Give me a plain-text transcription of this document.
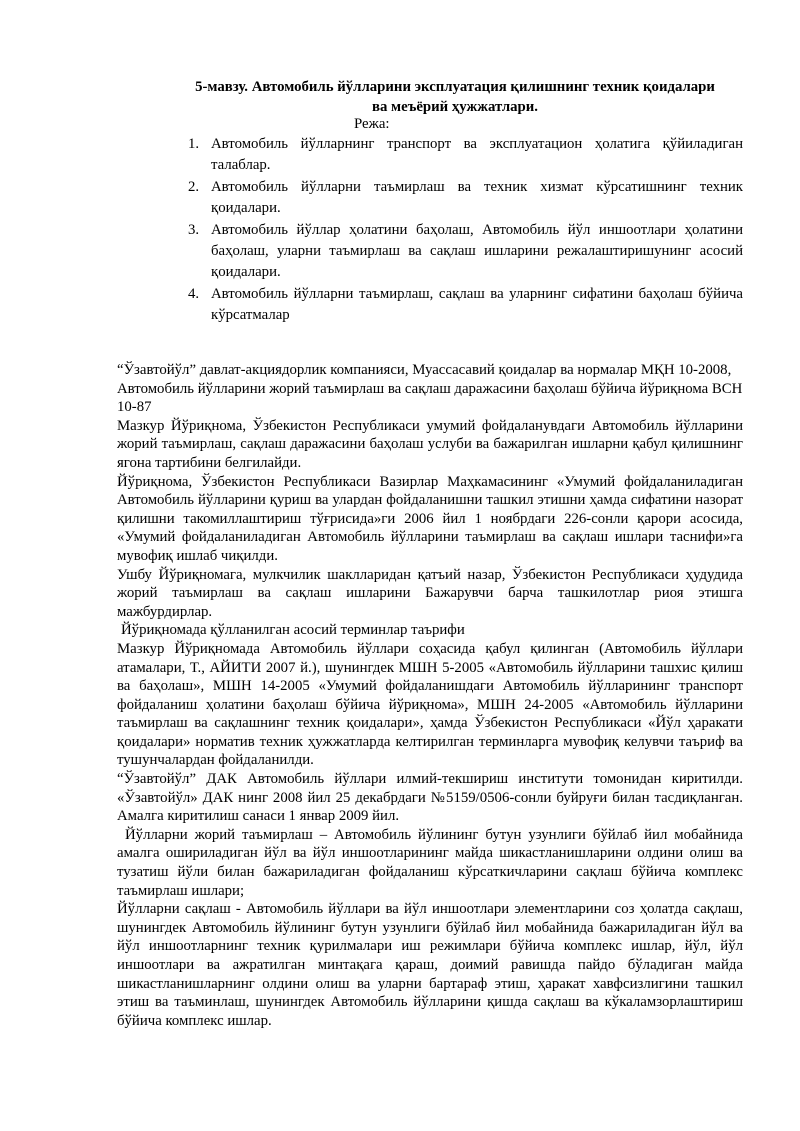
5-мавзу. Автомобиль йўлларини эксплуатация қилишнинг техник қоидалари
ва меъёрий ҳужжатлари.
Режа:
1. Автомобиль йўлларнинг транспорт ва эксплуатацион ҳолатига қўйиладиган талаблар.
2. Автомобиль йўлларни таъмирлаш ва техник хизмат кўрсатишнинг техник қоидалари.
3. Автомобиль йўллар ҳолатини баҳолаш, Автомобиль йўл иншоотлари ҳолатини баҳолаш, уларни таъмирлаш ва сақлаш ишларини режалаштиришунинг асосий қоидалари.
4. Автомобиль йўлларни таъмирлаш, сақлаш ва уларнинг сифатини баҳолаш бўйича кўрсатмалар

“Ўзавтойўл” давлат-акциядорлик компанияси, Муассасавий қоидалар ва нормалар МҚН 10-2008, Автомобиль йўлларини жорий таъмирлаш ва сақлаш даражасини баҳолаш бўйича йўриқнома ВСН 10-87

Мазкур Йўриқнома, Ўзбекистон Республикаси умумий фойдаланувдаги Автомобиль йўлларини жорий таъмирлаш, сақлаш даражасини баҳолаш услуби ва бажарилган ишларни қабул қилишнинг ягона тартибини белгилайди.

Йўриқнома, Ўзбекистон Республикаси Вазирлар Маҳкамасининг «Умумий фойдаланиладиган Автомобиль йўлларини қуриш ва улардан фойдаланишни ташкил этишни ҳамда сифатини назорат қилишни такомиллаштириш тўғрисида»ги 2006 йил 1 ноябрдаги 226-сонли қарори асосида, «Умумий фойдаланиладиган Автомобиль йўлларини таъмирлаш ва сақлаш ишлари таснифи»га мувофиқ ишлаб чиқилди.

Ушбу Йўриқномага, мулкчилик шаклларидан қатъий назар, Ўзбекистон Республикаси ҳудудида жорий таъмирлаш ва сақлаш ишларини Бажарувчи барча ташкилотлар риоя этишга мажбурдирлар.

Йўриқномада қўлланилган асосий терминлар таърифи

Мазкур Йўриқномада Автомобиль йўллари соҳасида қабул қилинган (Автомобиль йўллари атамалари, Т., АЙИТИ 2007 й.), шунингдек МШН 5-2005 «Автомобиль йўлларини ташхис қилиш ва баҳолаш», МШН 14-2005 «Умумий фойдаланишдаги Автомобиль йўлларининг транспорт фойдаланиш ҳолатини баҳолаш бўйича йўриқнома», МШН 24-2005 «Автомобиль йўлларини таъмирлаш ва сақлашнинг техник қоидалари», ҳамда Ўзбекистон Республикаси «Йўл ҳаракати қоидалари» норматив техник ҳужжатларда келтирилган терминларга мувофиқ келувчи таъриф ва тушунчалардан фойдаланилди.

“Ўзавтойўл” ДАК Автомобиль йўллари илмий-текшириш институти томонидан киритилди. «Ўзавтойўл» ДАК нинг 2008 йил 25 декабрдаги №5159/0506-сонли буйруғи билан тасдиқланган. Амалга киритилиш санаси 1 январ 2009 йил.

Йўлларни жорий таъмирлаш – Автомобиль йўлининг бутун узунлиги бўйлаб йил мобайнида амалга ошириладиган йўл ва йўл иншоотларининг майда шикастланишларини олдини олиш ва тузатиш йўли билан бажариладиган фойдаланиш кўрсаткичларини сақлаш бўйича комплекс таъмирлаш ишлари;

Йўлларни сақлаш - Автомобиль йўллари ва йўл иншоотлари элементларини соз ҳолатда сақлаш, шунингдек Автомобиль йўлининг бутун узунлиги бўйлаб йил мобайнида бажариладиган йўл ва йўл иншоотларнинг техник қурилмалари иш режимлари бўйича комплекс ишлар, йўл, йўл иншоотлари ва ажратилган минтақага қараш, доимий равишда пайдо бўладиган майда шикастланишларнинг олдини олиш ва уларни бартараф этиш, ҳаракат хавфсизлигини ташкил этиш ва таъминлаш, шунингдек Автомобиль йўлларини қишда сақлаш ва кўкаламзорлаштириш бўйича комплекс ишлар.
